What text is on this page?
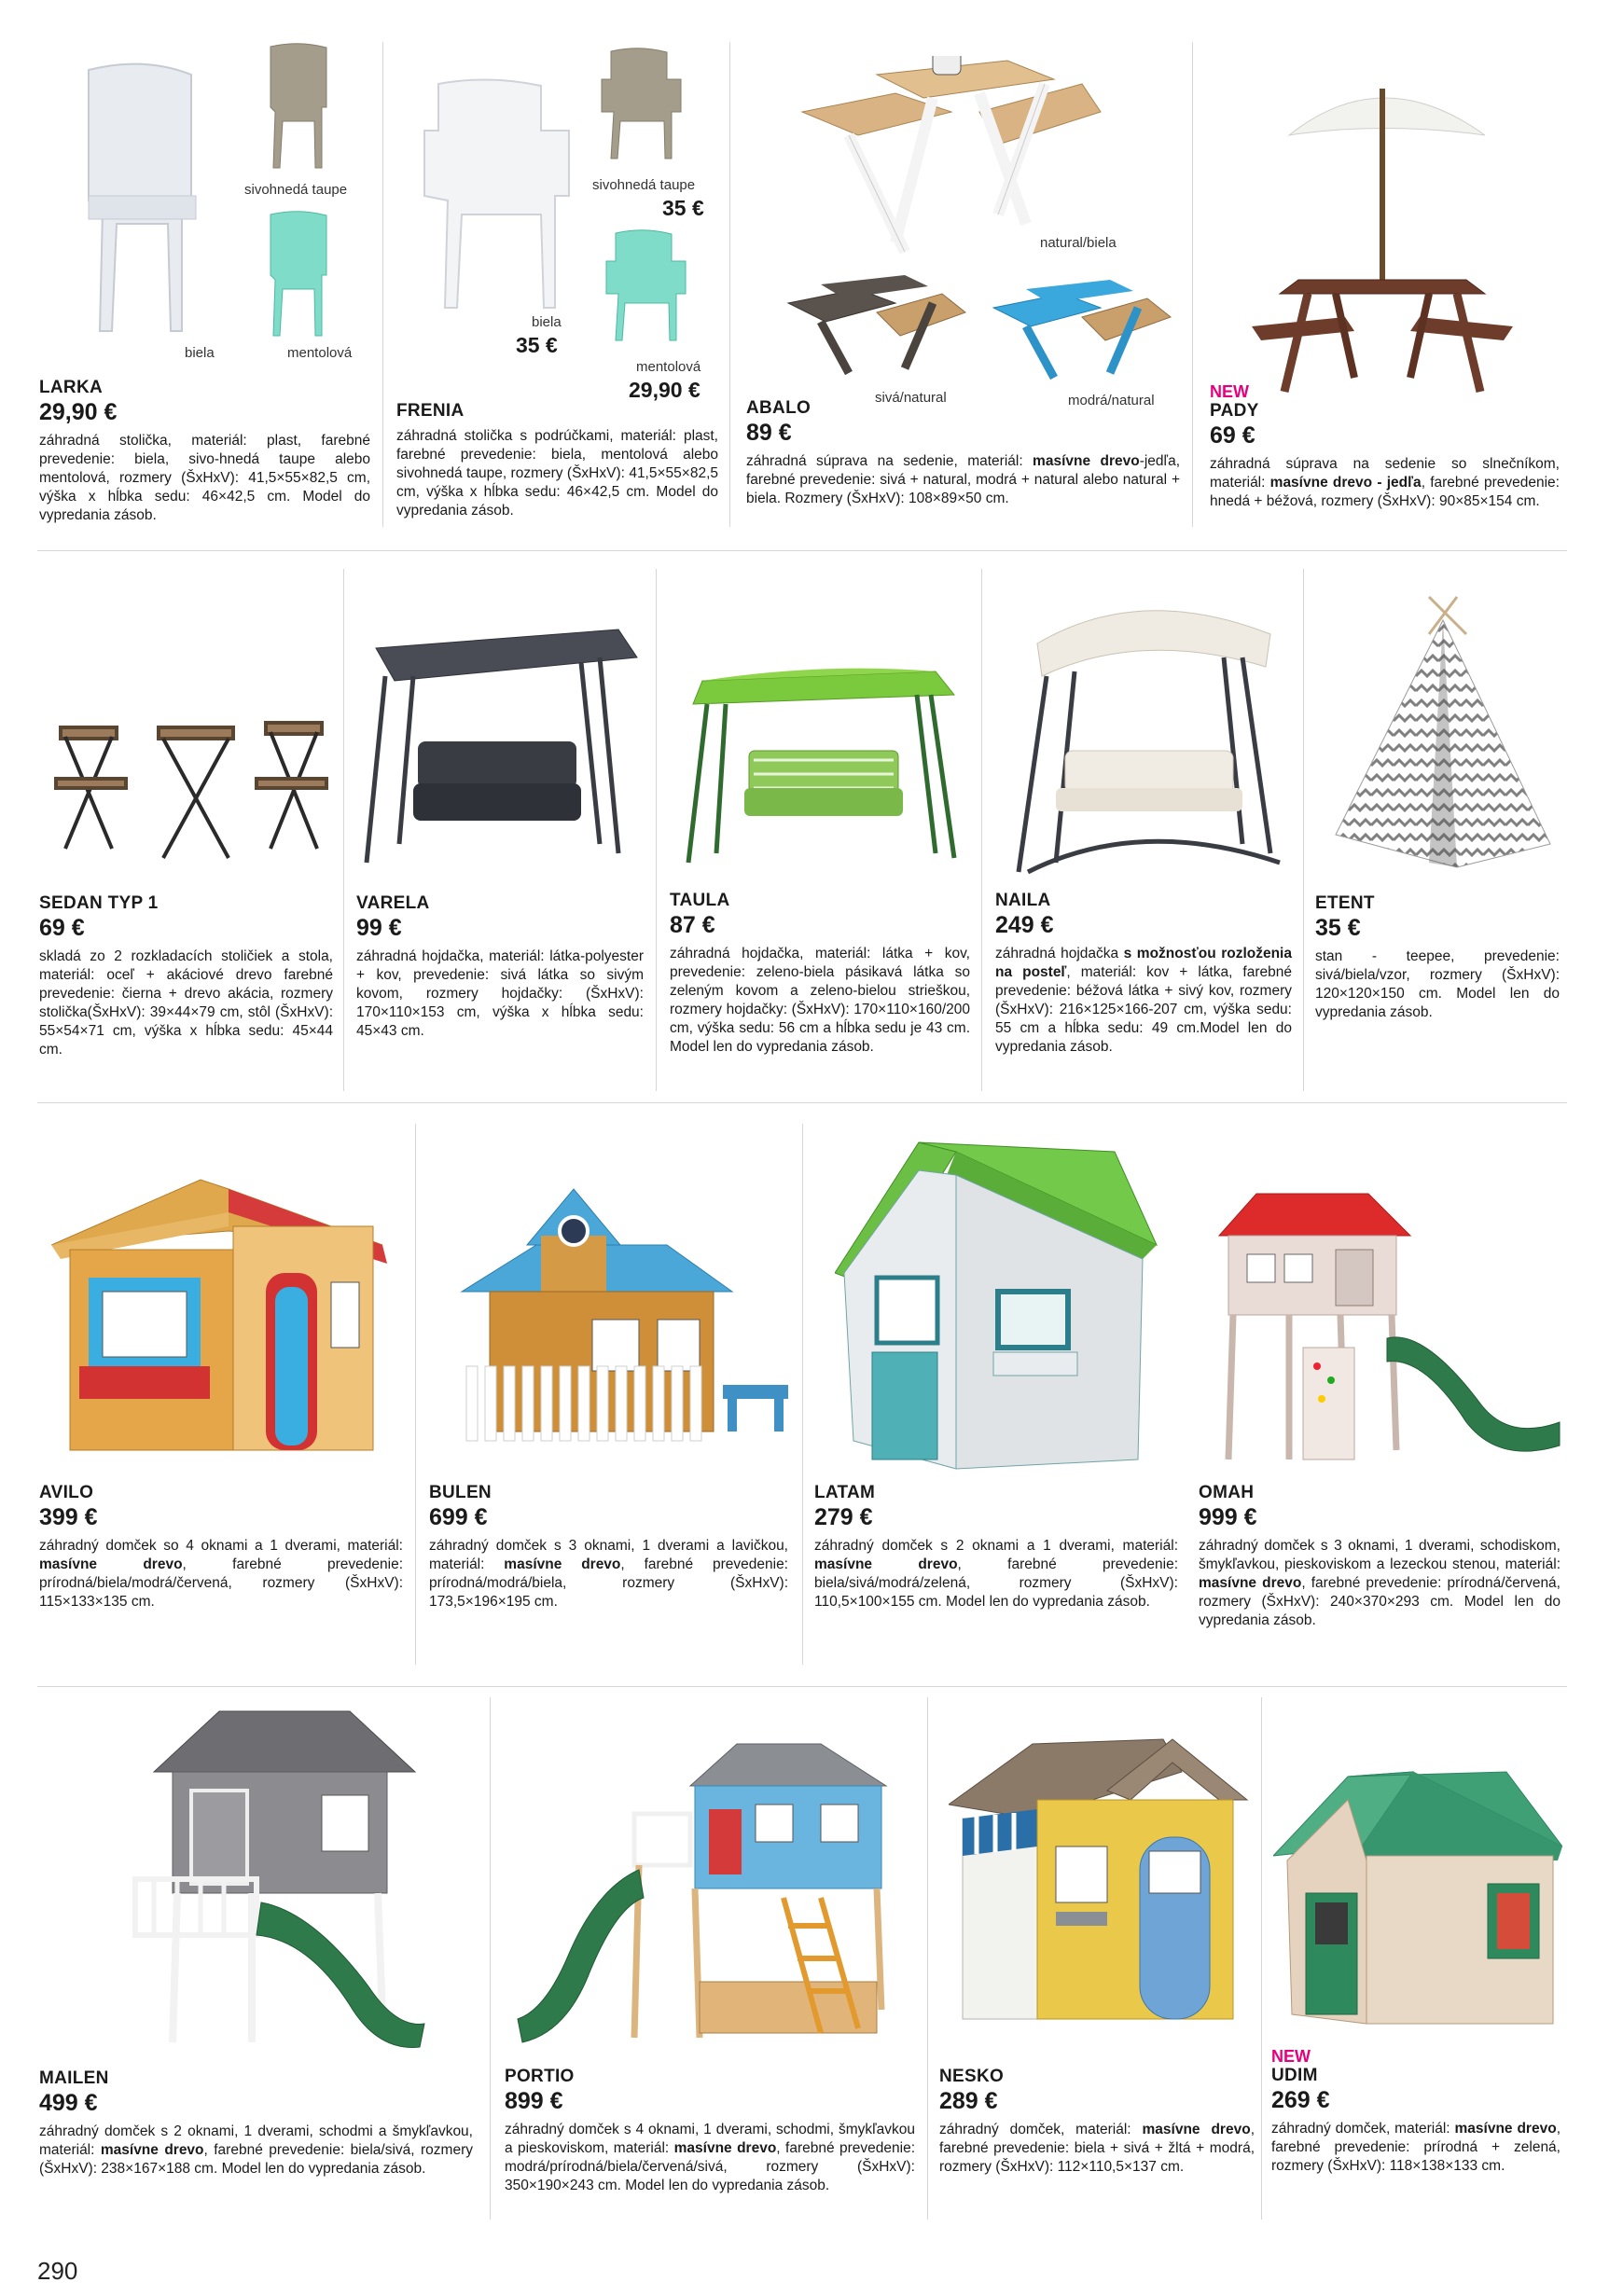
sivohnedá taupe
biela	mentolová
LARKA
29,90 €
záhradná stolička, materiál: plast, farebné prevedenie: biela, sivo-hnedá taupe alebo mentolová, rozmery (ŠxHxV): 41,5×55×82,5 cm, výška x hĺbka sedu: 46×42,5 cm. Model do vypredania zásob.
sivohnedá taupe
35 €
biela
35 €
mentolová
29,90 €
FRENIA
záhradná stolička s podrúčkami, materiál: plast, farebné prevedenie: biela, mentolová alebo sivohnedá taupe, rozmery (ŠxHxV): 41,5×55×82,5 cm, výška x hĺbka sedu: 46×42,5 cm. Model do vypredania zásob.
natural/biela
sivá/natural	modrá/natural
ABALO
89 €
záhradná súprava na sedenie, materiál: masívne drevo-jedľa, farebné prevedenie: sivá + natural, modrá + natural alebo natural + biela. Rozmery (ŠxHxV): 108×89×50 cm.
NEW
PADY
69 €
záhradná súprava na sedenie so slnečníkom, materiál: masívne drevo - jedľa, farebné prevedenie: hnedá + béžová, rozmery (ŠxHxV): 90×85×154 cm.
SEDAN TYP 1
69 €
skladá zo 2 rozkladacích stoličiek a stola, materiál: oceľ + akáciové drevo farebné prevedenie: čierna + drevo akácia, rozmery stolička(ŠxHxV): 39×44×79 cm, stôl (ŠxHxV): 55×54×71 cm, výška x hĺbka sedu: 45×44 cm.
VARELA
99 €
záhradná hojdačka, materiál: látka-polyester + kov, prevedenie: sivá látka so sivým kovom, rozmery hojdačky: (ŠxHxV): 170×110×153 cm, výška x hĺbka sedu: 45×43 cm.
TAULA
87 €
záhradná hojdačka, materiál: látka + kov, prevedenie: zeleno-biela pásikavá látka so zeleným kovom a zeleno-bielou strieškou, rozmery hojdačky: (ŠxHxV): 170×110×160/200 cm, výška sedu: 56 cm a hĺbka sedu je 43 cm. Model len do vypredania zásob.
NAILA
249 €
záhradná hojdačka s možnosťou rozloženia na posteľ, materiál: kov + látka, farebné prevedenie: béžová látka + sivý kov, rozmery (ŠxHxV): 216×125×166-207 cm, výška sedu: 55 cm a hĺbka sedu: 49 cm.Model len do vypredania zásob.
ETENT
35 €
stan - teepee, prevedenie: sivá/biela/vzor, rozmery (ŠxHxV): 120×120×150 cm. Model len do vypredania zásob.
AVILO
399 €
záhradný domček so 4 oknami a 1 dverami, materiál: masívne drevo, farebné prevedenie: prírodná/biela/modrá/červená, rozmery (ŠxHxV): 115×133×135 cm.
BULEN
699 €
záhradný domček s 3 oknami, 1 dverami a lavičkou, materiál: masívne drevo, farebné prevedenie: prírodná/modrá/biela, rozmery (ŠxHxV): 173,5×196×195 cm.
LATAM
279 €
záhradný domček s 2 oknami a 1 dverami, materiál: masívne drevo, farebné prevedenie: biela/sivá/modrá/zelená, rozmery (ŠxHxV): 110,5×100×155 cm. Model len do vypredania zásob.
OMAH
999 €
záhradný domček s 3 oknami, 1 dverami, schodiskom, šmykľavkou, pieskoviskom a lezeckou stenou, materiál: masívne drevo, farebné prevedenie: prírodná/červená, rozmery (ŠxHxV): 240×370×293 cm. Model len do vypredania zásob.
MAILEN
499 €
záhradný domček s 2 oknami, 1 dverami, schodmi a šmykľavkou, materiál: masívne drevo, farebné prevedenie: biela/sivá, rozmery (ŠxHxV): 238×167×188 cm. Model len do vypredania zásob.
PORTIO
899 €
záhradný domček s 4 oknami, 1 dverami, schodmi, šmykľavkou a pieskoviskom, materiál: masívne drevo, farebné prevedenie: modrá/prírodná/biela/červená/sivá, rozmery (ŠxHxV): 350×190×243 cm. Model len do vypredania zásob.
NESKO
289 €
záhradný domček, materiál: masívne drevo, farebné prevedenie: biela + sivá + žltá + modrá, rozmery (ŠxHxV): 112×110,5×137 cm.
NEW
UDIM
269 €
záhradný domček, materiál: masívne drevo, farebné prevedenie: prírodná + zelená, rozmery (ŠxHxV): 118×138×133 cm.
290
